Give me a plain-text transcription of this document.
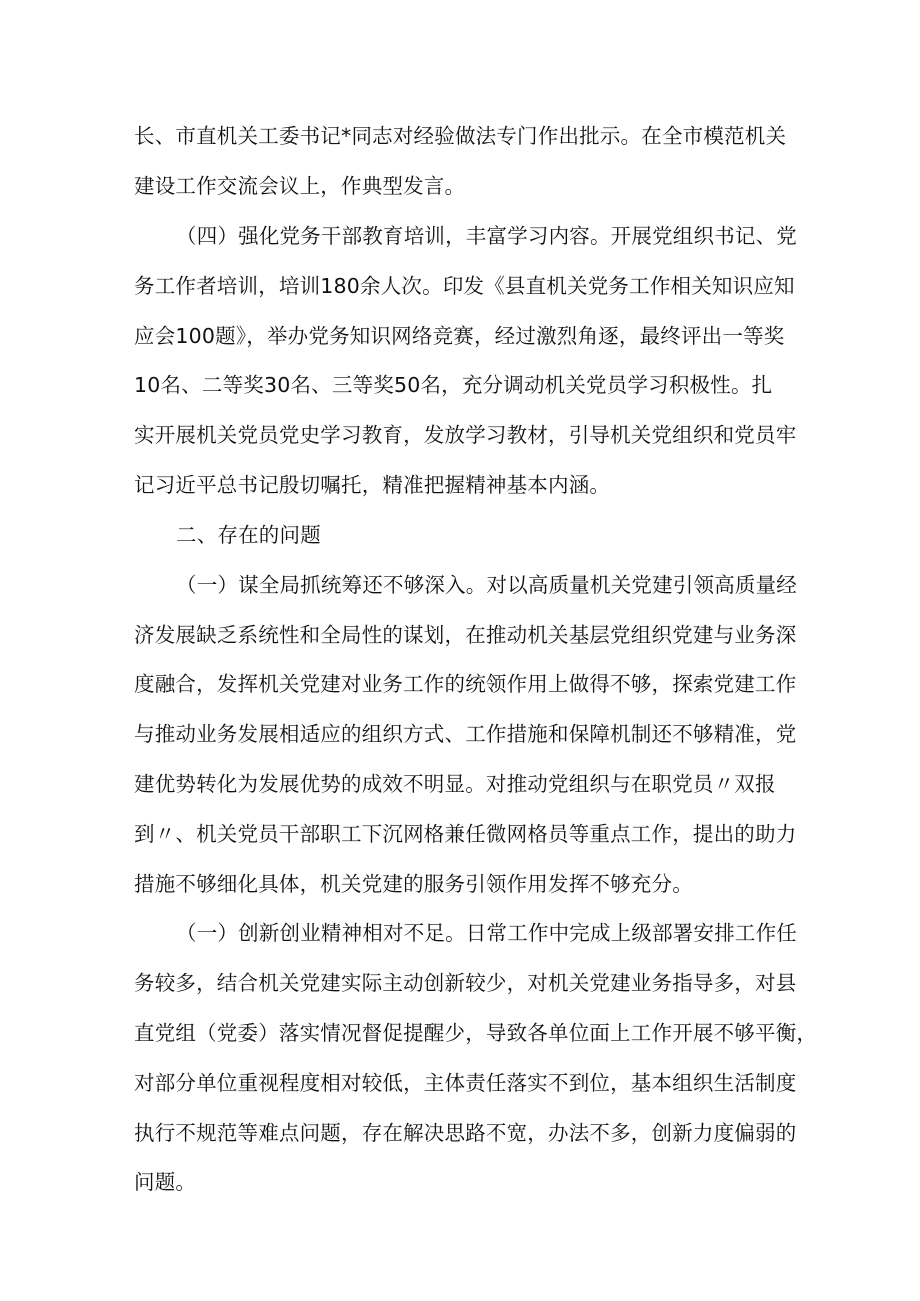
长、市直机关工委书记*同志对经验做法专门作出批示。在全市模范机关
建设工作交流会议上，作典型发言。
（四）强化党务干部教育培训，丰富学习内容。开展党组织书记、党
务工作者培训，培训180余人次。印发《县直机关党务工作相关知识应知
应会100题》，举办党务知识网络竞赛，经过激烈角逐，最终评出一等奖
10名、二等奖30名、三等奖50名，充分调动机关党员学习积极性。扎
实开展机关党员党史学习教育，发放学习教材，引导机关党组织和党员牢
记习近平总书记殷切嘱托，精准把握精神基本内涵。
二、存在的问题
（一）谋全局抓统筹还不够深入。对以高质量机关党建引领高质量经
济发展缺乏系统性和全局性的谋划，在推动机关基层党组织党建与业务深
度融合，发挥机关党建对业务工作的统领作用上做得不够，探索党建工作
与推动业务发展相适应的组织方式、工作措施和保障机制还不够精准，党
建优势转化为发展优势的成效不明显。对推动党组织与在职党员〃双报
到〃、机关党员干部职工下沉网格兼任微网格员等重点工作，提出的助力
措施不够细化具体，机关党建的服务引领作用发挥不够充分。
（一）创新创业精神相对不足。日常工作中完成上级部署安排工作任
务较多，结合机关党建实际主动创新较少，对机关党建业务指导多，对县
直党组（党委）落实情况督促提醒少，导致各单位面上工作开展不够平衡，
对部分单位重视程度相对较低，主体责任落实不到位，基本组织生活制度
执行不规范等难点问题，存在解决思路不宽，办法不多，创新力度偏弱的
问题。
